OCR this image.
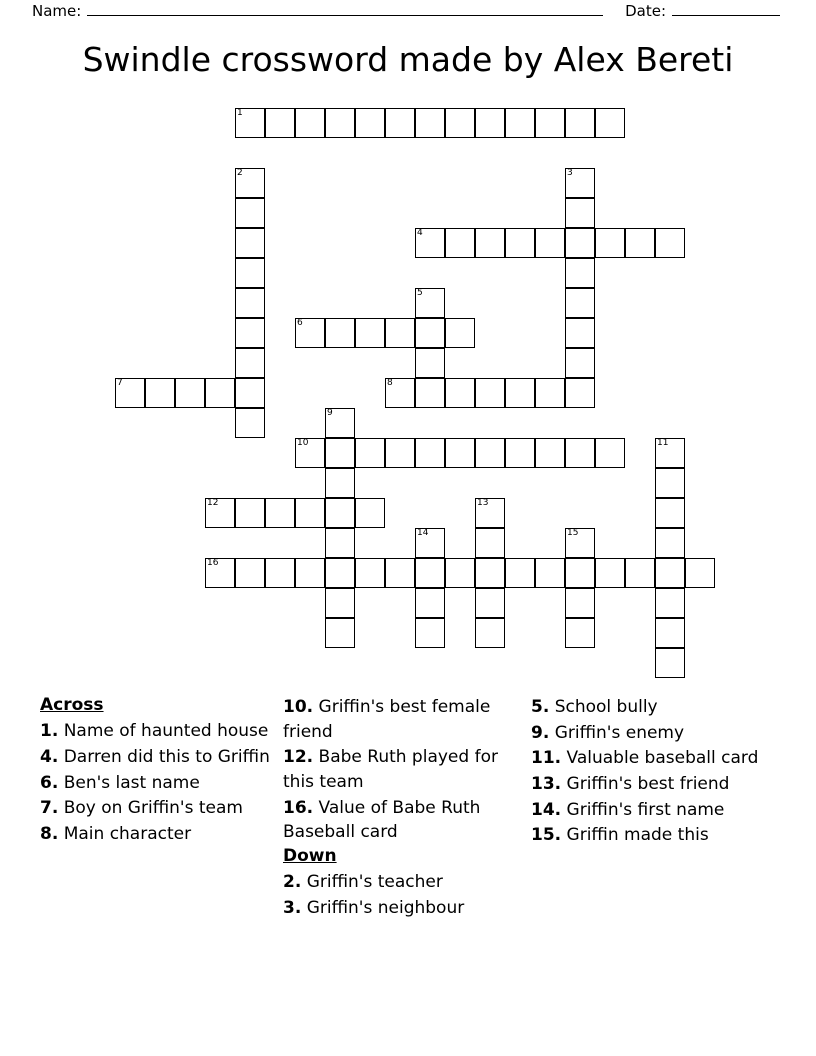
Name:	Date:
Swindle crossword made by Alex Bereti
1
2	3
4
5
6
7	8
9
10	11
12	13
14	15
16
Across

1. Name of haunted house

4. Darren did this to Griffin

6. Ben's last name

7. Boy on Griffin's team

8. Main character

10. Griffin's best female friend

12. Babe Ruth played for this team

16. Value of Babe Ruth Baseball card

Down

2. Griffin's teacher

3. Griffin's neighbour

5. School bully

9. Griffin's enemy

11. Valuable baseball card

13. Griffin's best friend

14. Griffin's first name

15. Griffin made this
